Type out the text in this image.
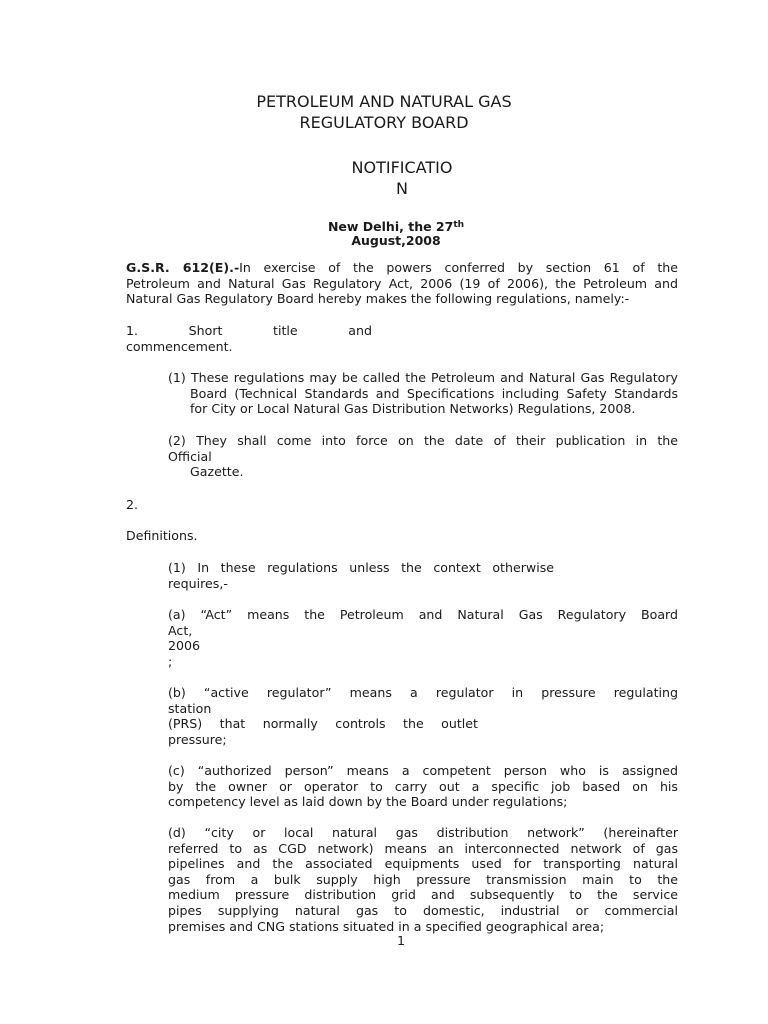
PETROLEUM AND NATURAL GAS
REGULATORY BOARD
NOTIFICATIO
N
New Delhi, the 27th
August,2008
G.S.R. 612(E).-In exercise of the powers conferred by section 61 of the
Petroleum and Natural Gas Regulatory Act, 2006 (19 of 2006), the Petroleum and
Natural Gas Regulatory Board hereby makes the following regulations, namely:-
1.	Short	title	and
commencement.
(1) These regulations may be called the Petroleum and Natural Gas Regulatory
Board (Technical Standards and Specifications including Safety Standards
for City or Local Natural Gas Distribution Networks) Regulations, 2008.
(2) They shall come into force on the date of their publication in the
Official
Gazette.
2.
Definitions.
(1) In these regulations unless the context otherwise
requires,-
(a) “Act” means the Petroleum and Natural Gas Regulatory Board
Act,
2006
;
(b) “active regulator” means a regulator in pressure regulating
station
(PRS) that normally controls the outlet
pressure;
(c) “authorized person” means a competent person who is assigned
by the owner or operator to carry out a specific job based on his
competency level as laid down by the Board under regulations;
(d) “city or local natural gas distribution network” (hereinafter
referred to as CGD network) means an interconnected network of gas
pipelines and the associated equipments used for transporting natural
gas from a bulk supply high pressure transmission main to the
medium pressure distribution grid and subsequently to the service
pipes supplying natural gas to domestic, industrial or commercial
premises and CNG stations situated in a specified geographical area;
1
